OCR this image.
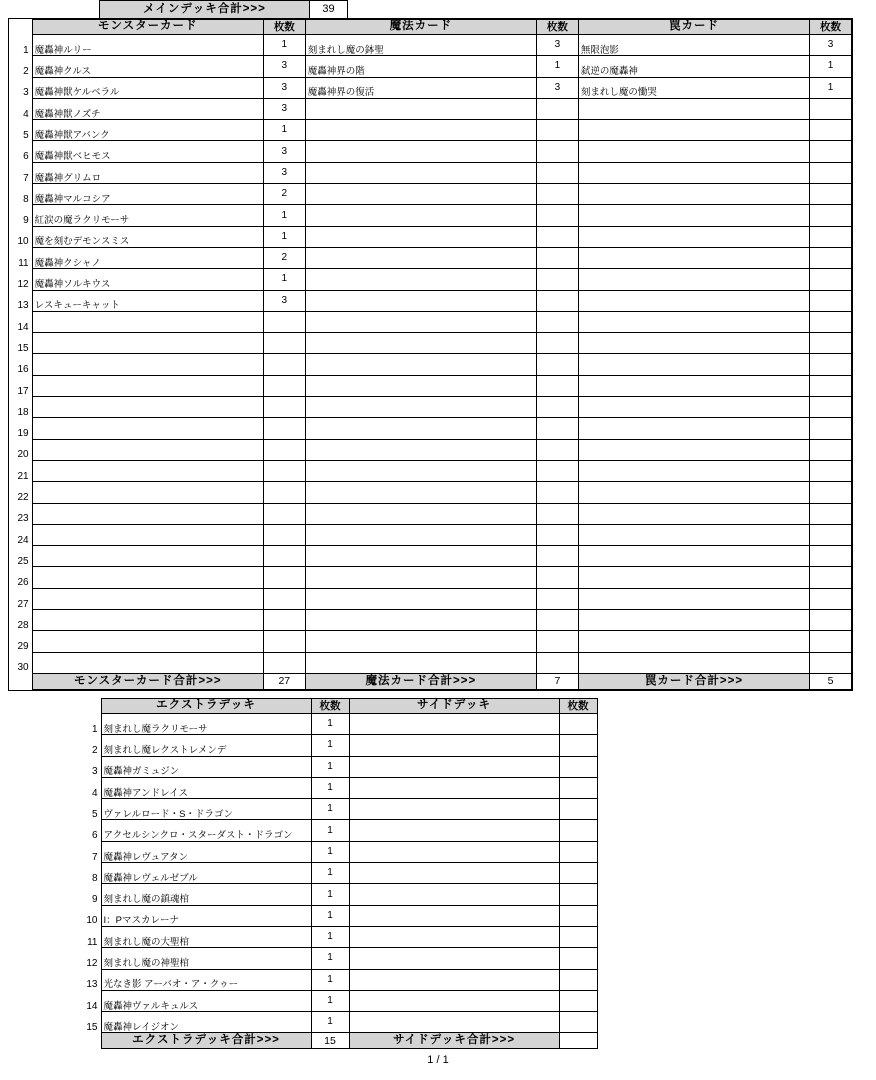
メインデッキ合計>>>	39
	モンスターカード	枚数	魔法カード	枚数	罠カード	枚数
1	魔轟神ルリー	1	刻まれし魔の鉢聖	3	無限泡影	3
2	魔轟神クルス	3	魔轟神界の階	1	弑逆の魔轟神	1
3	魔轟神獣ケルベラル	3	魔轟神界の復活	3	刻まれし魔の慟哭	1
4	魔轟神獣ノズチ	3				
5	魔轟神獣アバンク	1				
6	魔轟神獣ベヒモス	3				
7	魔轟神グリムロ	3				
8	魔轟神マルコシア	2				
9	紅涙の魔ラクリモーサ	1				
10	魔を刻むデモンスミス	1				
11	魔轟神クシャノ	2				
12	魔轟神ソルキウス	1				
13	レスキューキャット	3				
14						
15						
16						
17						
18						
19						
20						
21						
22						
23						
24						
25						
26						
27						
28						
29						
30						
	モンスターカード合計>>>	27	魔法カード合計>>>	7	罠カード合計>>>	5
	エクストラデッキ	枚数	サイドデッキ	枚数
1	刻まれし魔ラクリモーサ	1		
2	刻まれし魔レクストレメンデ	1		
3	魔轟神ガミュジン	1		
4	魔轟神アンドレイス	1		
5	ヴァレルロード・S・ドラゴン	1		
6	アクセルシンクロ・スターダスト・ドラゴン	1		
7	魔轟神レヴュアタン	1		
8	魔轟神レヴェルゼブル	1		
9	刻まれし魔の鎮魂棺	1		
10	I：Pマスカレーナ	1		
11	刻まれし魔の大聖棺	1		
12	刻まれし魔の神聖棺	1		
13	光なき影 アーバオ・ア・クゥー	1		
14	魔轟神ヴァルキュルス	1		
15	魔轟神レイジオン	1		
	エクストラデッキ合計>>>	15	サイドデッキ合計>>>	
1 / 1
